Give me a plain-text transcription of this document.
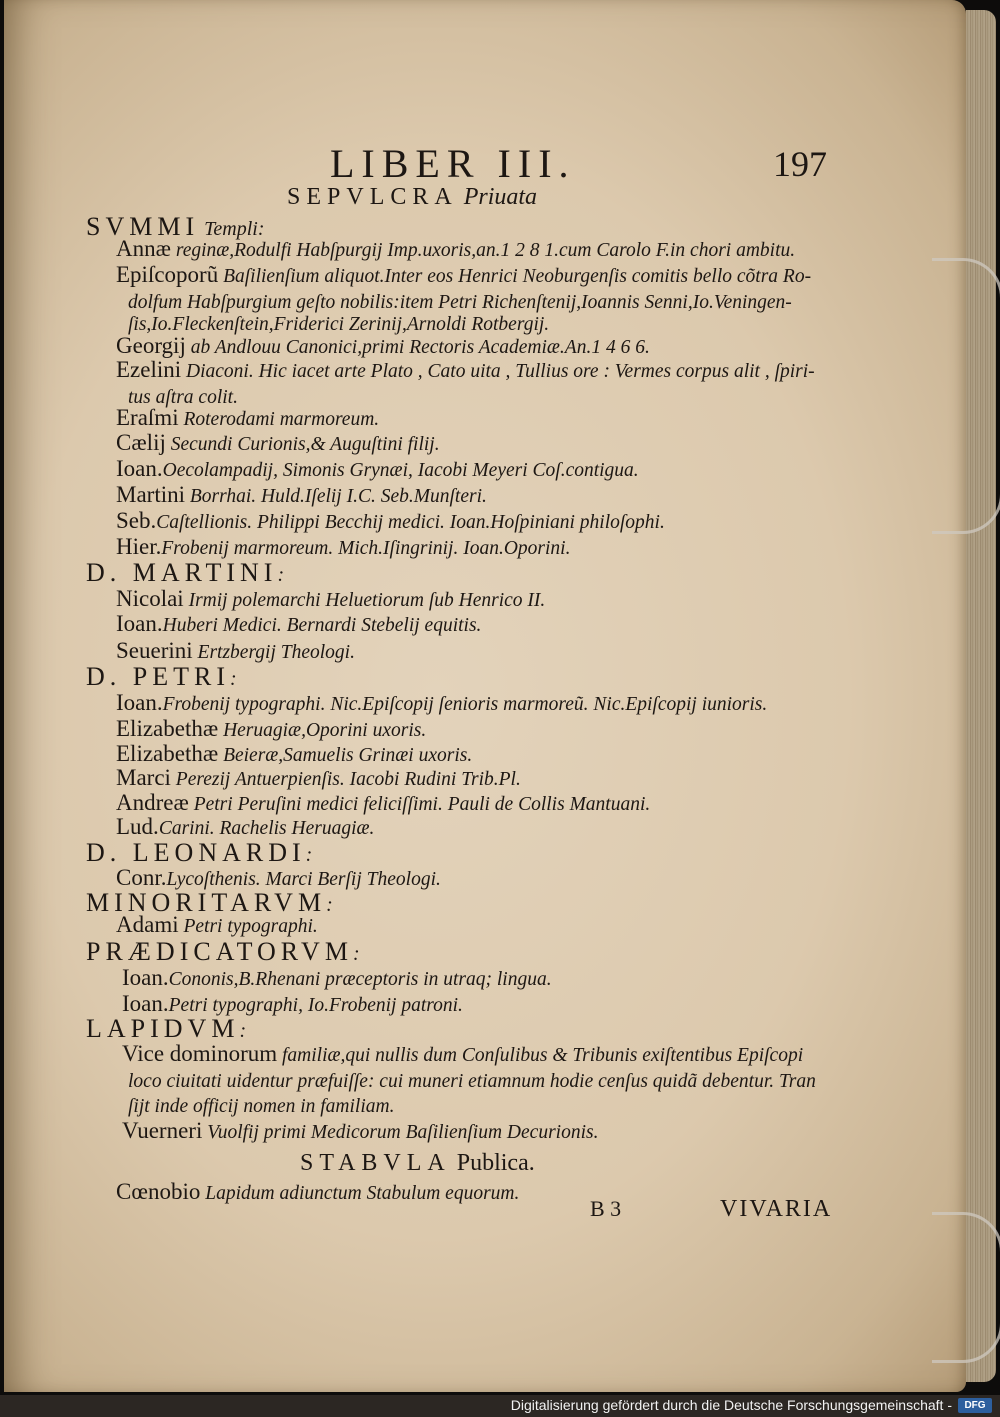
LIBER III.	197
SEPVLCRA Priuata
SVMMI Templi:
Annæ reginæ,Rodulfi Habſpurgij Imp.uxoris,an.1 2 8 1.cum Carolo F.in chori ambitu.
Epiſcoporũ Baſilienſium aliquot.Inter eos Henrici Neoburgenſis comitis bello cõtra Ro-
dolfum Habſpurgium geſto nobilis:item Petri Richenſtenij,Ioannis Senni,Io.Veningen-
ſis,Io.Fleckenſtein,Friderici Zerinij,Arnoldi Rotbergij.
Georgij ab Andlouu Canonici,primi Rectoris Academiæ.An.1 4 6 6.
Ezelini Diaconi. Hic iacet arte Plato , Cato uita , Tullius ore : Vermes corpus alit , ſpiri-
tus aſtra colit.
Eraſmi Roterodami marmoreum.
Cælij Secundi Curionis,& Auguſtini filij.
Ioan.Oecolampadij, Simonis Grynæi, Iacobi Meyeri Coſ.contigua.
Martini Borrhai. Huld.Iſelij I.C. Seb.Munſteri.
Seb.Caſtellionis. Philippi Becchij medici. Ioan.Hoſpiniani philoſophi.
Hier.Frobenij marmoreum. Mich.Iſingrinij. Ioan.Oporini.
D. MARTINI:
Nicolai Irmij polemarchi Heluetiorum ſub Henrico II.
Ioan.Huberi Medici. Bernardi Stebelij equitis.
Seuerini Ertzbergij Theologi.
D. PETRI:
Ioan.Frobenij typographi. Nic.Epiſcopij ſenioris marmoreũ. Nic.Epiſcopij iunioris.
Elizabethæ Heruagiæ,Oporini uxoris.
Elizabethæ Beieræ,Samuelis Grinæi uxoris.
Marci Perezij Antuerpienſis. Iacobi Rudini Trib.Pl.
Andreæ Petri Peruſini medici feliciſſimi. Pauli de Collis Mantuani.
Lud.Carini. Rachelis Heruagiæ.
D. LEONARDI:
Conr.Lycoſthenis. Marci Berſij Theologi.
MINORITARVM:
Adami Petri typographi.
PRÆDICATORVM:
Ioan.Cononis,B.Rhenani præceptoris in utraq; lingua.
Ioan.Petri typographi, Io.Frobenij patroni.
LAPIDVM:
Vice dominorum familiæ,qui nullis dum Conſulibus & Tribunis exiſtentibus Epiſcopi
loco ciuitati uidentur præfuiſſe: cui muneri etiamnum hodie cenſus quidã debentur. Tran
ſijt inde officij nomen in familiam.
Vuerneri Vuolfij primi Medicorum Baſilienſium Decurionis.
STABVLA Publica.
Cœnobio Lapidum adiunctum Stabulum equorum.
B 3	VIVARIA
Digitalisierung gefördert durch die Deutsche Forschungsgemeinschaft -	DFG
